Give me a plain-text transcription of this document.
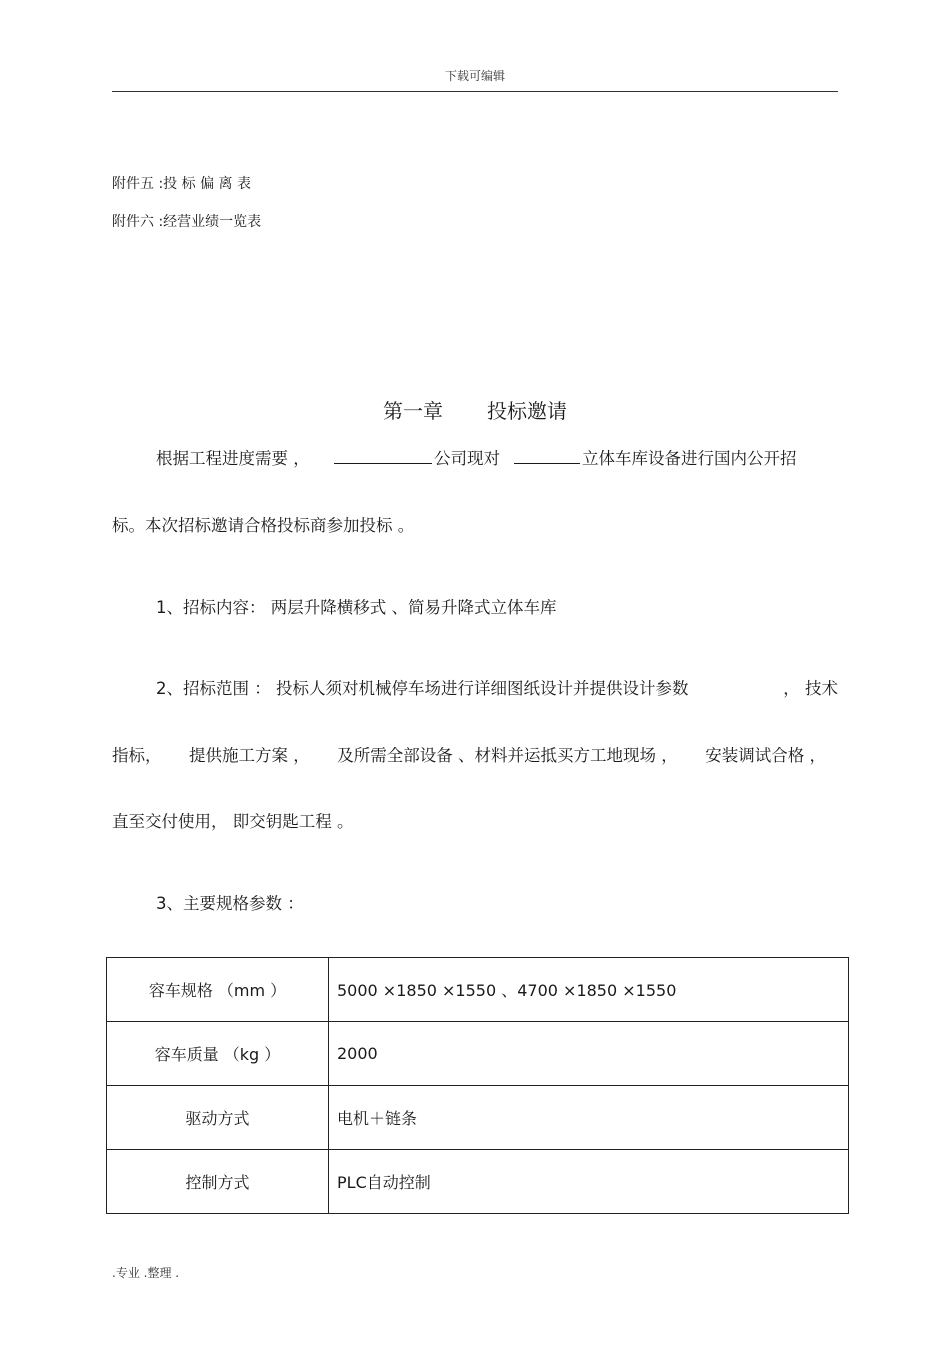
下载可编辑
附件五 :投 标 偏 离 表
附件六 :经营业绩一览表
第一章 投标邀请
根据工程进度需要 ，	公司现对	立体车库设备进行国内公开招
标。本次招标邀请合格投标商参加投标 。
1、招标内容： 两层升降横移式 、简易升降式立体车库
2、招标范围 ： 投标人须对机械停车场进行详细图纸设计并提供设计参数	， 技术
指标， 提供施工方案 ， 及所需全部设备 、材料并运抵买方工地现场 ， 安装调试合格 ，
直至交付使用， 即交钥匙工程 。
3、主要规格参数 ：
容车规格 （mm ）	5000 ×1850 ×1550 、4700 ×1850 ×1550
容车质量 （kg ）	2000
驱动方式	电机＋链条
控制方式	PLC自动控制
.专业 .整理 .
